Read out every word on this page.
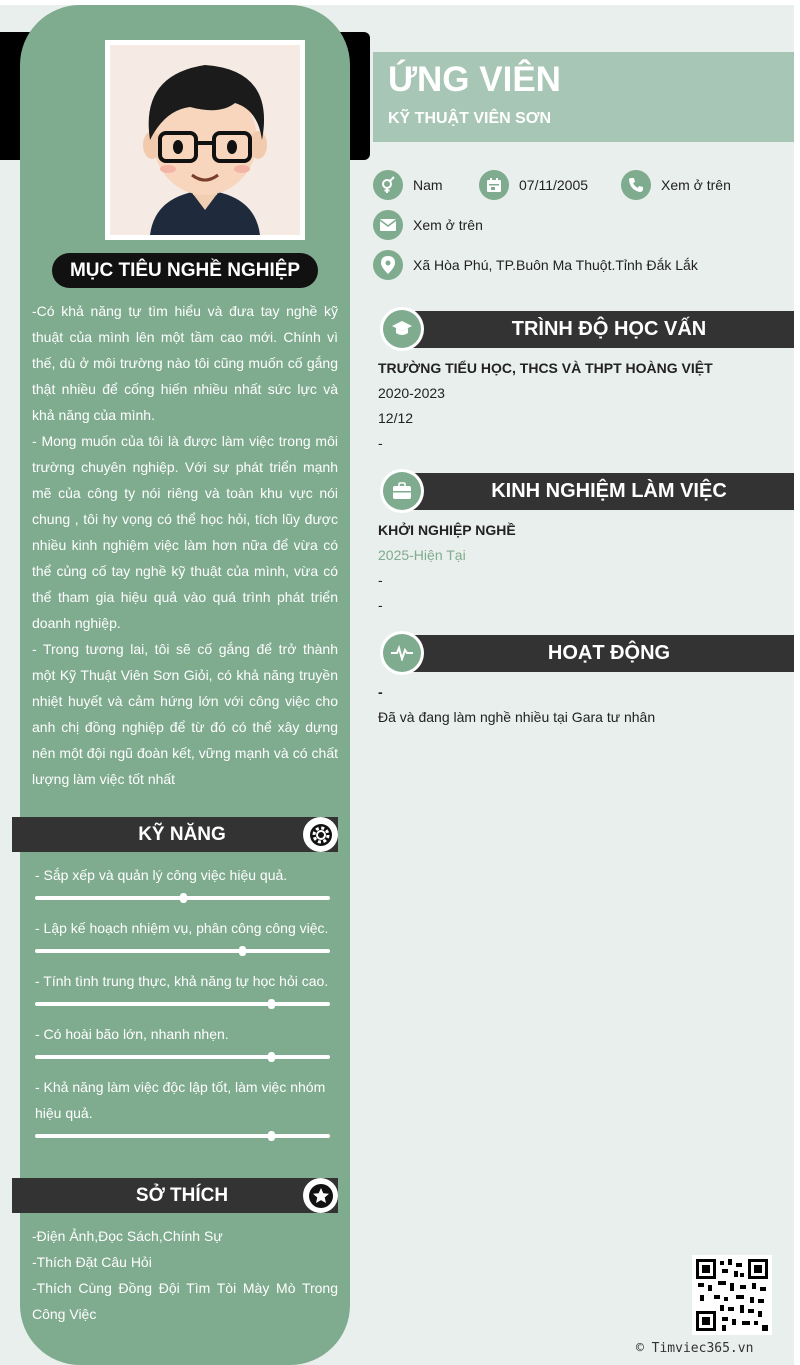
MỤC TIÊU NGHỀ NGHIỆP

-Có khả năng tự tìm hiểu và đưa tay nghề kỹ thuật của mình lên một tầm cao mới. Chính vì thế, dù ở môi trường nào tôi cũng muốn cố gắng thật nhiều để cống hiến nhiều nhất sức lực và khả năng của mình.

- Mong muốn của tôi là được làm việc trong môi trường chuyên nghiệp. Với sự phát triển mạnh mẽ của công ty nói riêng và toàn khu vực nói chung , tôi hy vọng có thể học hỏi, tích lũy được nhiều kinh nghiệm việc làm hơn nữa để vừa có thể củng cố tay nghề kỹ thuật của mình, vừa có thể tham gia hiệu quả vào quá trình phát triển doanh nghiệp.

- Trong tương lai, tôi sẽ cố gắng để trở thành một Kỹ Thuật Viên Sơn Giỏi, có khả năng truyền nhiệt huyết và cảm hứng lớn với công việc cho anh chị đồng nghiệp để từ đó có thể xây dựng nên một đội ngũ đoàn kết, vững mạnh và có chất lượng làm việc tốt nhất

KỸ NĂNG
- Sắp xếp và quản lý công việc hiệu quả.
- Lập kế hoạch nhiệm vụ, phân công công việc.
- Tính tình trung thực, khả năng tự học hỏi cao.
- Có hoài bão lớn, nhanh nhẹn.
- Khả năng làm việc độc lập tốt, làm việc nhóm hiệu quả.
SỞ THÍCH
-Điện Ảnh,Đọc Sách,Chính Sự
-Thích Đặt Câu Hỏi
-Thích Cùng Đồng Đội Tìm Tòi Mày Mò Trong Công Việc
ỨNG VIÊN
KỸ THUẬT VIÊN SƠN
Nam	07/11/2005	Xem ở trên
Xem ở trên
Xã Hòa Phú, TP.Buôn Ma Thuột.Tỉnh Đắk Lắk
TRÌNH ĐỘ HỌC VẤN
TRƯỜNG TIỂU HỌC, THCS VÀ THPT HOÀNG VIỆT
2020-2023
12/12
-
KINH NGHIỆM LÀM VIỆC
KHỞI NGHIỆP NGHỀ
2025-Hiện Tại
-
-
HOẠT ĐỘNG
-
Đã và đang làm nghề nhiều tại Gara tư nhân
© Timviec365.vn
